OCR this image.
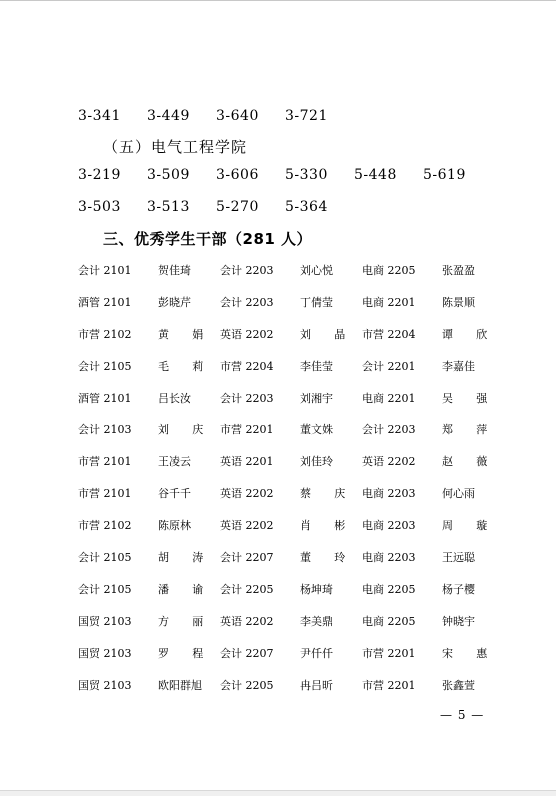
3-341	3-449	3-640	3-721
（五）电气工程学院
3-219	3-509	3-606	5-330	5-448	5-619
3-503	3-513	5-270	5-364
三、优秀学生干部（281 人）
会计 2101	贺佳琦	会计 2203	刘心悦	电商 2205	张盈盈
酒管 2101	彭晓芹	会计 2203	丁倩莹	电商 2201	陈景顺
市营 2102	黄 娟 英语 2202	刘 晶 市营 2204	谭 欣
会计 2105	毛 莉 市营 2204	李佳莹	会计 2201	李嘉佳
酒管 2101	吕长汝	会计 2203	刘湘宇	电商 2201	吴 强
会计 2103	刘 庆 市营 2201	董文姝	会计 2203	郑 萍
市营 2101	王凌云	英语 2201	刘佳玲	英语 2202	赵 薇
市营 2101	谷千千	英语 2202	蔡 庆 电商 2203	何心雨
市营 2102	陈原林	英语 2202	肖 彬 电商 2203	周 璇
会计 2105	胡 涛 会计 2207	董 玲 电商 2203	王远聪
会计 2105	潘 谕 会计 2205	杨坤琦	电商 2205	杨子樱
国贸 2103	方 丽 英语 2202	李美鼎	电商 2205	钟晓宇
国贸 2103	罗 程 会计 2207	尹仟仟	市营 2201	宋 惠
国贸 2103	欧阳群旭	会计 2205	冉吕昕	市营 2201	张鑫萱
— 5 —
